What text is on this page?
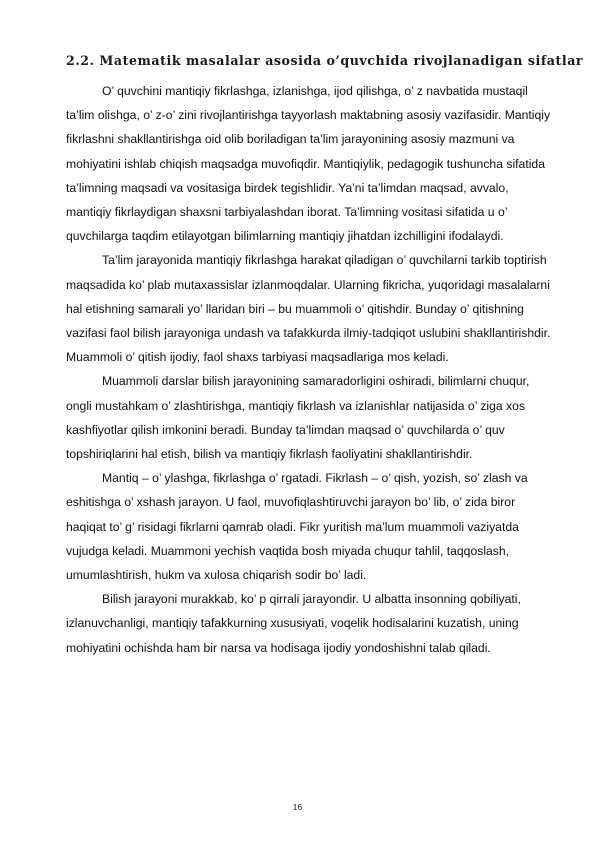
2.2. Matematik masalalar asosida o’quvchida rivojlanadigan sifatlar

O’ quvchini mantiqiy fikrlashga, izlanishga, ijod qilishga, o’ z navbatida mustaqil ta’lim olishga, o’ z-o’ zini rivojlantirishga tayyorlash maktabning asosiy vazifasidir. Mantiqiy fikrlashni shakllantirishga oid olib boriladigan ta’lim jarayonining asosiy mazmuni va mohiyatini ishlab chiqish maqsadga muvofiqdir. Mantiqiylik, pedagogik tushuncha sifatida ta’limning maqsadi va vositasiga birdek tegishlidir. Ya’ni ta’limdan maqsad, avvalo, mantiqiy fikrlaydigan shaxsni tarbiyalashdan iborat. Ta’limning vositasi sifatida u o’ quvchilarga taqdim etilayotgan bilimlarning mantiqiy jihatdan izchilligini ifodalaydi.

Ta’lim jarayonida mantiqiy fikrlashga harakat qiladigan o’ quvchilarni tarkib toptirish maqsadida ko’ plab mutaxassislar izlanmoqdalar. Ularning fikricha, yuqoridagi masalalarni hal etishning samarali yo’ llaridan biri – bu muammoli o’ qitishdir. Bunday o’ qitishning vazifasi faol bilish jarayoniga undash va tafakkurda ilmiy-tadqiqot uslubini shakllantirishdir. Muammoli o’ qitish ijodiy, faol shaxs tarbiyasi maqsadlariga mos keladi.

Muammoli darslar bilish jarayonining samaradorligini oshiradi, bilimlarni chuqur, ongli mustahkam o’ zlashtirishga, mantiqiy fikrlash va izlanishlar natijasida o’ ziga xos kashfiyotlar qilish imkonini beradi. Bunday ta’limdan maqsad o’ quvchilarda o’ quv topshiriqlarini hal etish, bilish va mantiqiy fikrlash faoliyatini shakllantirishdir.

Mantiq – o’ ylashga, fikrlashga o’ rgatadi. Fikrlash – o’ qish, yozish, so’ zlash va eshitishga o’ xshash jarayon. U faol, muvofiqlashtiruvchi jarayon bo’ lib, o’ zida biror haqiqat to’ g’ risidagi fikrlarni qamrab oladi. Fikr yuritish ma’lum muammoli vaziyatda vujudga keladi. Muammoni yechish vaqtida bosh miyada chuqur tahlil, taqqoslash, umumlashtirish, hukm va xulosa chiqarish sodir bo’ ladi.

Bilish jarayoni murakkab, ko’ p qirrali jarayondir. U albatta insonning qobiliyati, izlanuvchanligi, mantiqiy tafakkurning xususiyati, voqelik hodisalarini kuzatish, uning mohiyatini ochishda ham bir narsa va hodisaga ijodiy yondoshishni talab qiladi.

16
